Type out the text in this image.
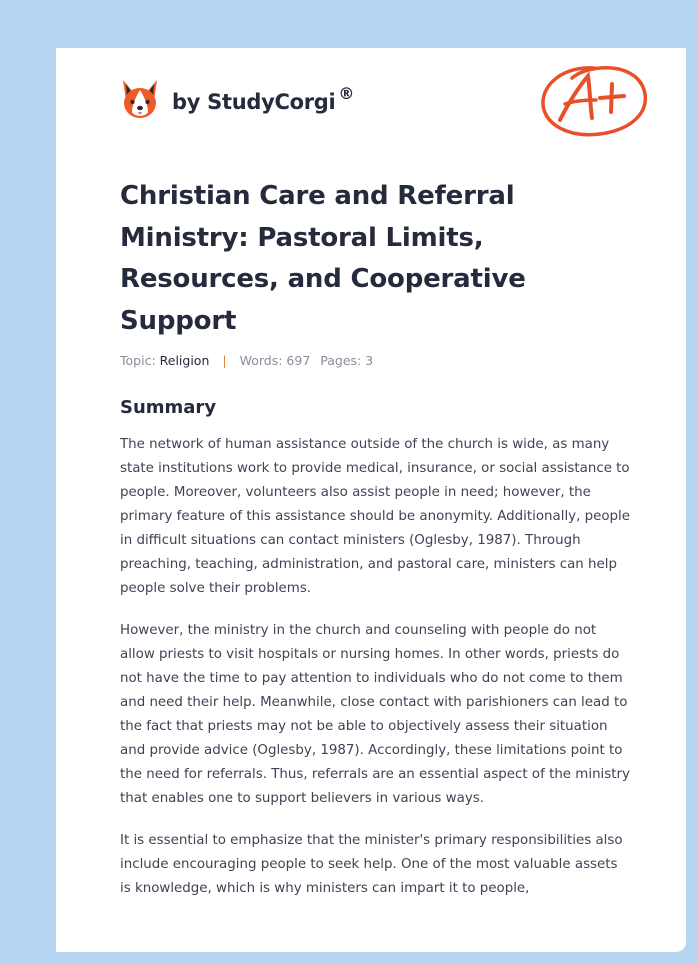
by StudyCorgi ®
Christian Care and Referral Ministry: Pastoral Limits, Resources, and Cooperative Support
Topic: Religion | Words: 697 Pages: 3
Summary

The network of human assistance outside of the church is wide, as many state institutions work to provide medical, insurance, or social assistance to people. Moreover, volunteers also assist people in need; however, the primary feature of this assistance should be anonymity. Additionally, people in difficult situations can contact ministers (Oglesby, 1987). Through preaching, teaching, administration, and pastoral care, ministers can help people solve their problems.

However, the ministry in the church and counseling with people do not allow priests to visit hospitals or nursing homes. In other words, priests do not have the time to pay attention to individuals who do not come to them and need their help. Meanwhile, close contact with parishioners can lead to the fact that priests may not be able to objectively assess their situation and provide advice (Oglesby, 1987). Accordingly, these limitations point to the need for referrals. Thus, referrals are an essential aspect of the ministry that enables one to support believers in various ways.

It is essential to emphasize that the minister's primary responsibilities also include encouraging people to seek help. One of the most valuable assets is knowledge, which is why ministers can impart it to people,
